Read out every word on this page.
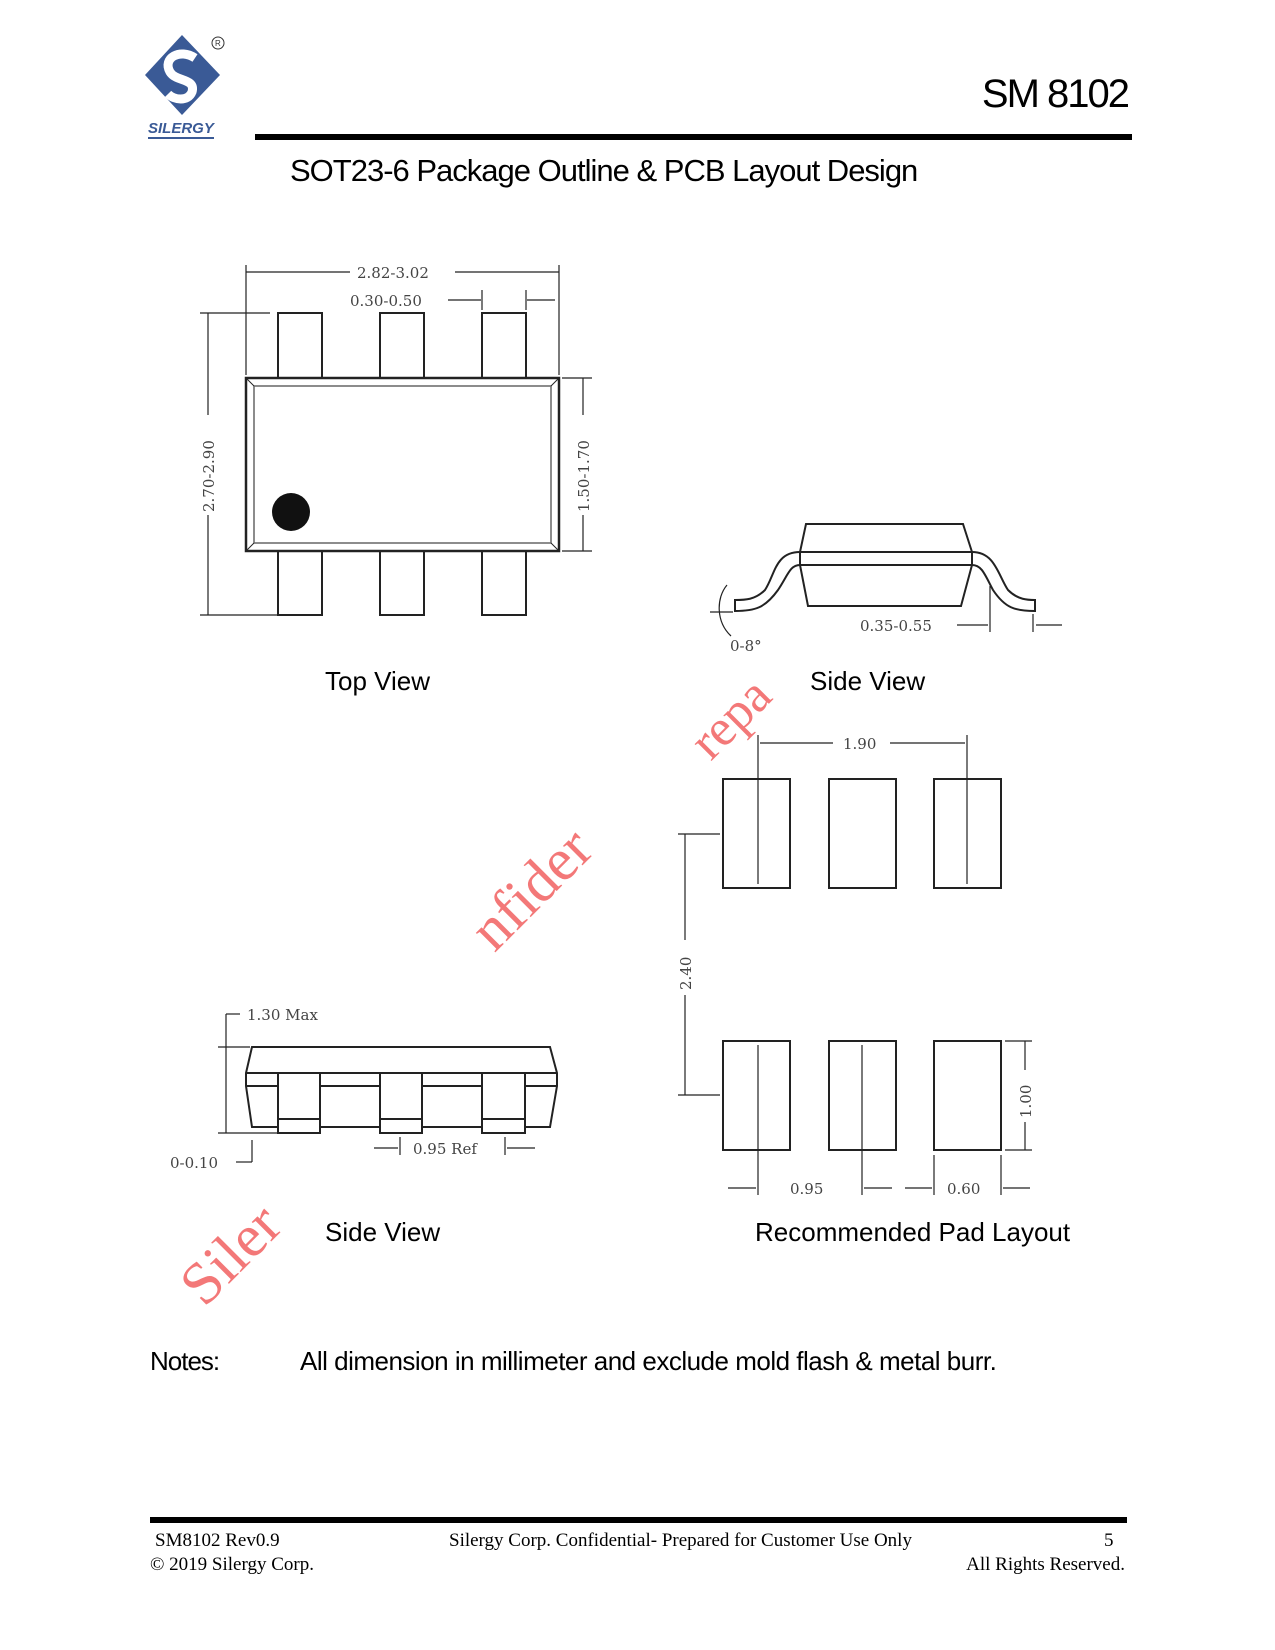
R
SILERGY
SM 8102
SOT23-6 Package Outline & PCB Layout Design
2.82-3.02
0.30-0.50
2.70-2.90	1.50-1.70
0.35-0.55
0-8°
1.30 Max
0-0.10
0.95 Ref
1.90
2.40
1.00
0.95	0.60
Siler
nfider
repa
Top View	Side View
Side View	Recommended Pad Layout
Notes:	All dimension in millimeter and exclude mold flash & metal burr.
SM8102 Rev0.9	Silergy Corp. Confidential- Prepared for Customer Use Only	5
© 2019 Silergy Corp.	All Rights Reserved.
